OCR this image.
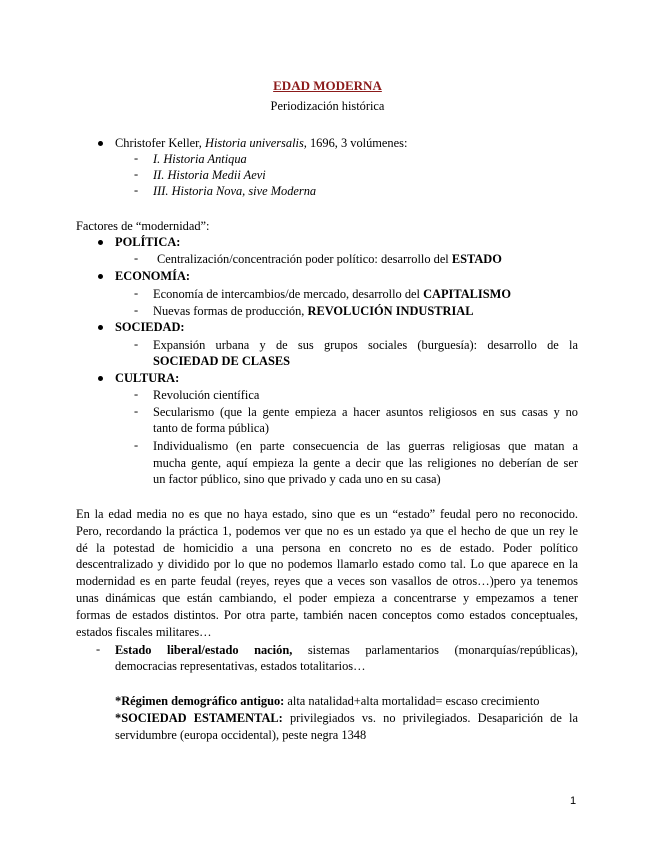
EDAD MODERNA
Periodización histórica
Christofer Keller, Historia universalis, 1696, 3 volúmenes:
- I. Historia Antiqua
- II. Historia Medii Aevi
- III. Historia Nova, sive Moderna
Factores de “modernidad”:
POLÍTICA:
- Centralización/concentración poder político: desarrollo del ESTADO
ECONOMÍA:
- Economía de intercambios/de mercado, desarrollo del CAPITALISMO
- Nuevas formas de producción, REVOLUCIÓN INDUSTRIAL
SOCIEDAD:
- Expansión urbana y de sus grupos sociales (burguesía): desarrollo de la
SOCIEDAD DE CLASES
CULTURA:
- Revolución científica
- Secularismo (que la gente empieza a hacer asuntos religiosos en sus casas y no
tanto de forma pública)
- Individualismo (en parte consecuencia de las guerras religiosas que matan a
mucha gente, aquí empieza la gente a decir que las religiones no deberían de ser
un factor público, sino que privado y cada uno en su casa)
En la edad media no es que no haya estado, sino que es un “estado” feudal pero no reconocido.
Pero, recordando la práctica 1, podemos ver que no es un estado ya que el hecho de que un rey le
dé la potestad de homicidio a una persona en concreto no es de estado. Poder político
descentralizado y dividido por lo que no podemos llamarlo estado como tal. Lo que aparece en la
modernidad es en parte feudal (reyes, reyes que a veces son vasallos de otros…)pero ya tenemos
unas dinámicas que están cambiando, el poder empieza a concentrarse y empezamos a tener
formas de estados distintos. Por otra parte, también nacen conceptos como estados conceptuales,
estados fiscales militares…
- Estado liberal/estado nación, sistemas parlamentarios (monarquías/repúblicas),
democracias representativas, estados totalitarios…
*Régimen demográfico antiguo: alta natalidad+alta mortalidad= escaso crecimiento
*SOCIEDAD ESTAMENTAL: privilegiados vs. no privilegiados. Desaparición de la
servidumbre (europa occidental), peste negra 1348
1
